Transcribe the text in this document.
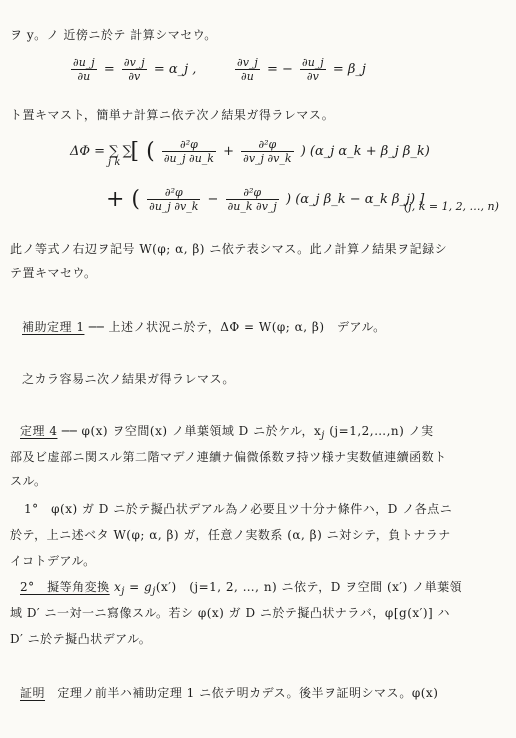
ヲ y。ノ 近傍ニ於テ 計算シマセウ。
$\frac{\partial u\_j}{\partial u} = \frac{\partial v\_j}{\partial v}$ = α_j ,	$\frac{\partial v\_j}{\partial u}$ = − $\frac{\partial u\_j}{\partial v}$ = β_j
ト置キマスト，簡単ナ計算ニ依テ次ノ結果ガ得ラレマス。
ΔΦ = ∑ ∑ $_{j k}$ [ ( $\frac{\text{∂²φ}}{\partial u\_j \partial u\_k} + \frac{\text{∂²φ}}{\partial v\_j \partial v\_k}$ ) (α_j α_k + β_j β_k)
+ ( $\frac{\text{∂²φ}}{\partial u\_j \partial v\_k} - \frac{\text{∂²φ}}{\partial u\_k \partial v\_j}$ ) (α_j β_k − α_k β_j) ]
(j, k = 1, 2, …, n)
此ノ等式ノ右辺ヲ記号 W(φ; α, β) ニ依テ表シマス。此ノ計算ノ結果ヲ記録シ
テ置キマセウ。
補助定理 1 ── 上述ノ状況ニ於テ，ΔΦ = W(φ; α, β)　デアル。
之カラ容易ニ次ノ結果ガ得ラレマス。
定理 4 ── φ(x) ヲ空間(x) ノ単葉領域 D ニ於ケル，$x_j$ (j=1,2,…,n) ノ実
部及ビ虚部ニ関スル第二階マデノ連續ナ偏微係数ヲ持ツ様ナ実数値連續函数ト
スル。
1°　φ(x) ガ D ニ於テ擬凸状デアル為ノ必要且ツ十分ナ條件ハ，D ノ各点ニ
於テ，上ニ述ベタ W(φ; α, β) ガ，任意ノ実数系 (α, β) ニ対シテ，負トナラナ
イコトデアル。
2°　擬等角変換 $x_j = g_j(x')$　(j=1, 2, …, n) ニ依テ，D ヲ空間 (x′) ノ単葉領
域 D′ ニ一対一ニ寫像スル。若シ φ(x) ガ D ニ於テ擬凸状ナラバ，φ[g(x′)] ハ
D′ ニ於テ擬凸状デアル。
証明 定理ノ前半ハ補助定理 1 ニ依テ明カデス。後半ヲ証明シマス。φ(x)
